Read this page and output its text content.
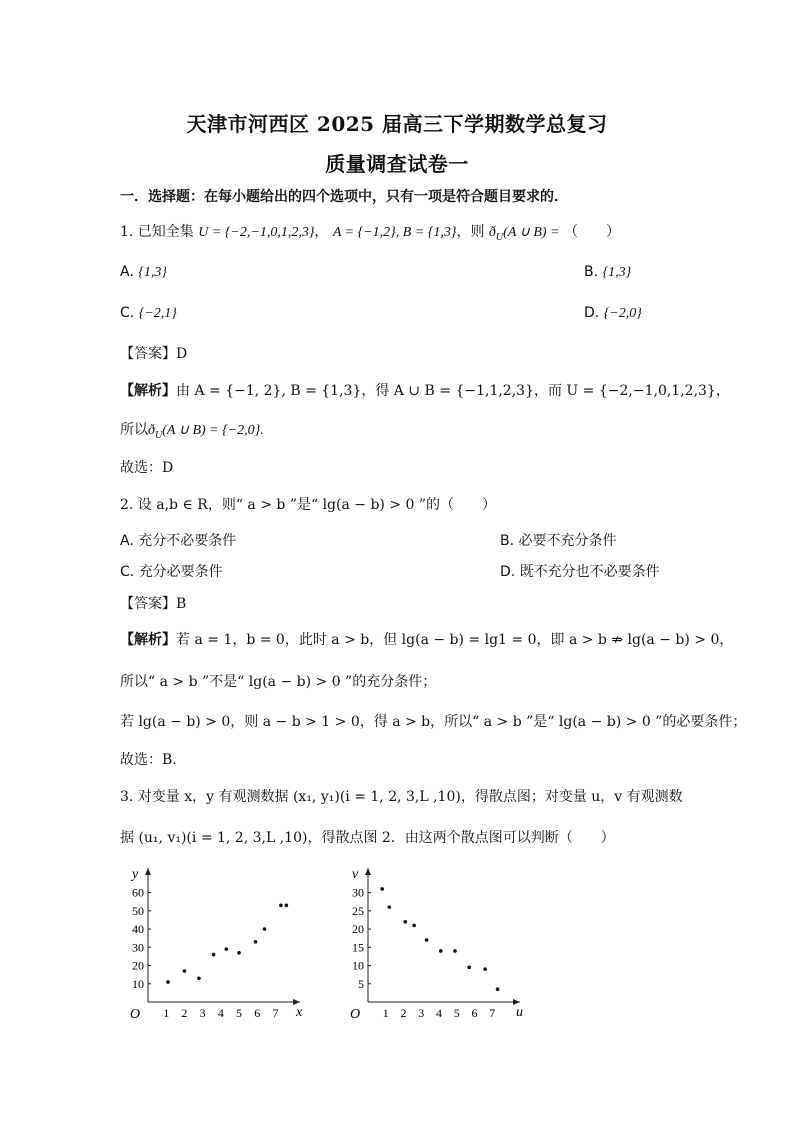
天津市河西区 2025 届高三下学期数学总复习
质量调查试卷一
一．选择题：在每小题给出的四个选项中，只有一项是符合题目要求的．
1. 已知全集 U = {−2,−1,0,1,2,3}， A = {−1,2}, B = {1,3}，则 $ð_U(A$ ∪ B) = （　　）
A. {1,3}	B. {1,3}
C. {−2,1}	D. {−2,0}
【答案】D
【解析】由 A = {−1, 2}, B = {1,3}，得 A ∪ B = {−1,1,2,3}，而 U = {−2,−1,0,1,2,3}，
所以$ð_U(A$ ∪ B) = {−2,0}.
故选：D
2. 设 a,b ∈ R，则“ a > b ”是“ lg(a − b) > 0 ”的（　　）
A. 充分不必要条件	B. 必要不充分条件
C. 充分必要条件	D. 既不充分也不必要条件
【答案】B
【解析】若 a = 1，b = 0，此时 a > b，但 lg(a − b) = lg1 = 0，即 a > b ⇏ lg(a − b) > 0，
所以“ a > b ”不是“ lg(a − b) > 0 ”的充分条件；
若 lg(a − b) > 0，则 a − b > 1 > 0，得 a > b，所以“ a > b ”是“ lg(a − b) > 0 ”的必要条件；
故选：B.
3. 对变量 x，y 有观测数据 (x₁, y₁)(i = 1, 2, 3,L ,10)，得散点图；对变量 u，v 有观测数
据 (u₁, v₁)(i = 1, 2, 3,L ,10)，得散点图 2．由这两个散点图可以判断（　　）
x
y
O 1 2 3 4 5 6 7
10
20
30
40
50
60
u
v
O 1 2 3 4 5 6 7
5
10
15
20
25
30
